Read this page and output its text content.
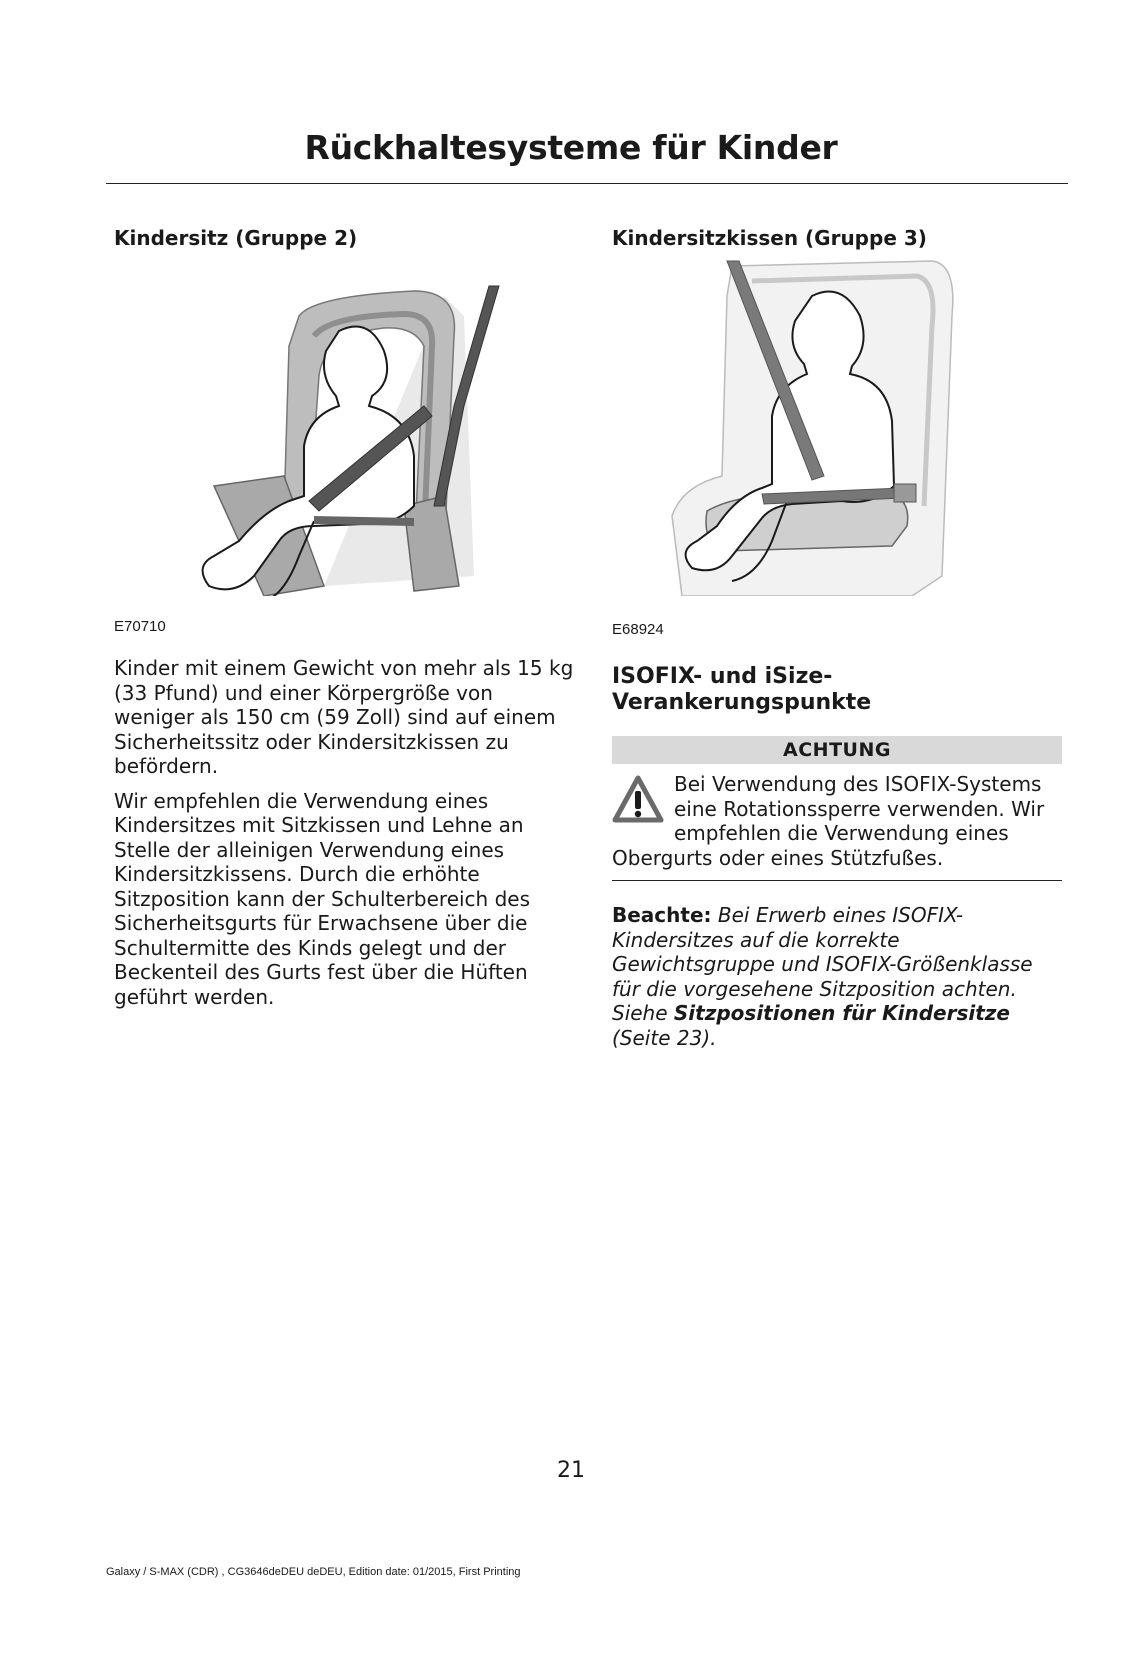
Rückhaltesysteme für Kinder
Kindersitz (Gruppe 2)
E70710

Kinder mit einem Gewicht von mehr als 15 kg (33 Pfund) und einer Körpergröße von weniger als 150 cm (59 Zoll) sind auf einem Sicherheitssitz oder Kindersitzkissen zu befördern.

Wir empfehlen die Verwendung eines Kindersitzes mit Sitzkissen und Lehne an Stelle der alleinigen Verwendung eines Kindersitzkissens. Durch die erhöhte Sitzposition kann der Schulterbereich des Sicherheitsgurts für Erwachsene über die Schultermitte des Kinds gelegt und der Beckenteil des Gurts fest über die Hüften geführt werden.

Kindersitzkissen (Gruppe 3)
E68924
ISOFIX- und iSize-
Verankerungspunkte
ACHTUNG
Bei Verwendung des ISOFIX-Systems eine Rotationssperre verwenden. Wir empfehlen die Verwendung eines Obergurts oder eines Stützfußes.
Beachte: Bei Erwerb eines ISOFIX-Kindersitzes auf die korrekte Gewichtsgruppe und ISOFIX-Größenklasse für die vorgesehene Sitzposition achten. Siehe Sitzpositionen für Kindersitze (Seite 23).
21
Galaxy / S-MAX (CDR) , CG3646deDEU deDEU, Edition date: 01/2015, First Printing
